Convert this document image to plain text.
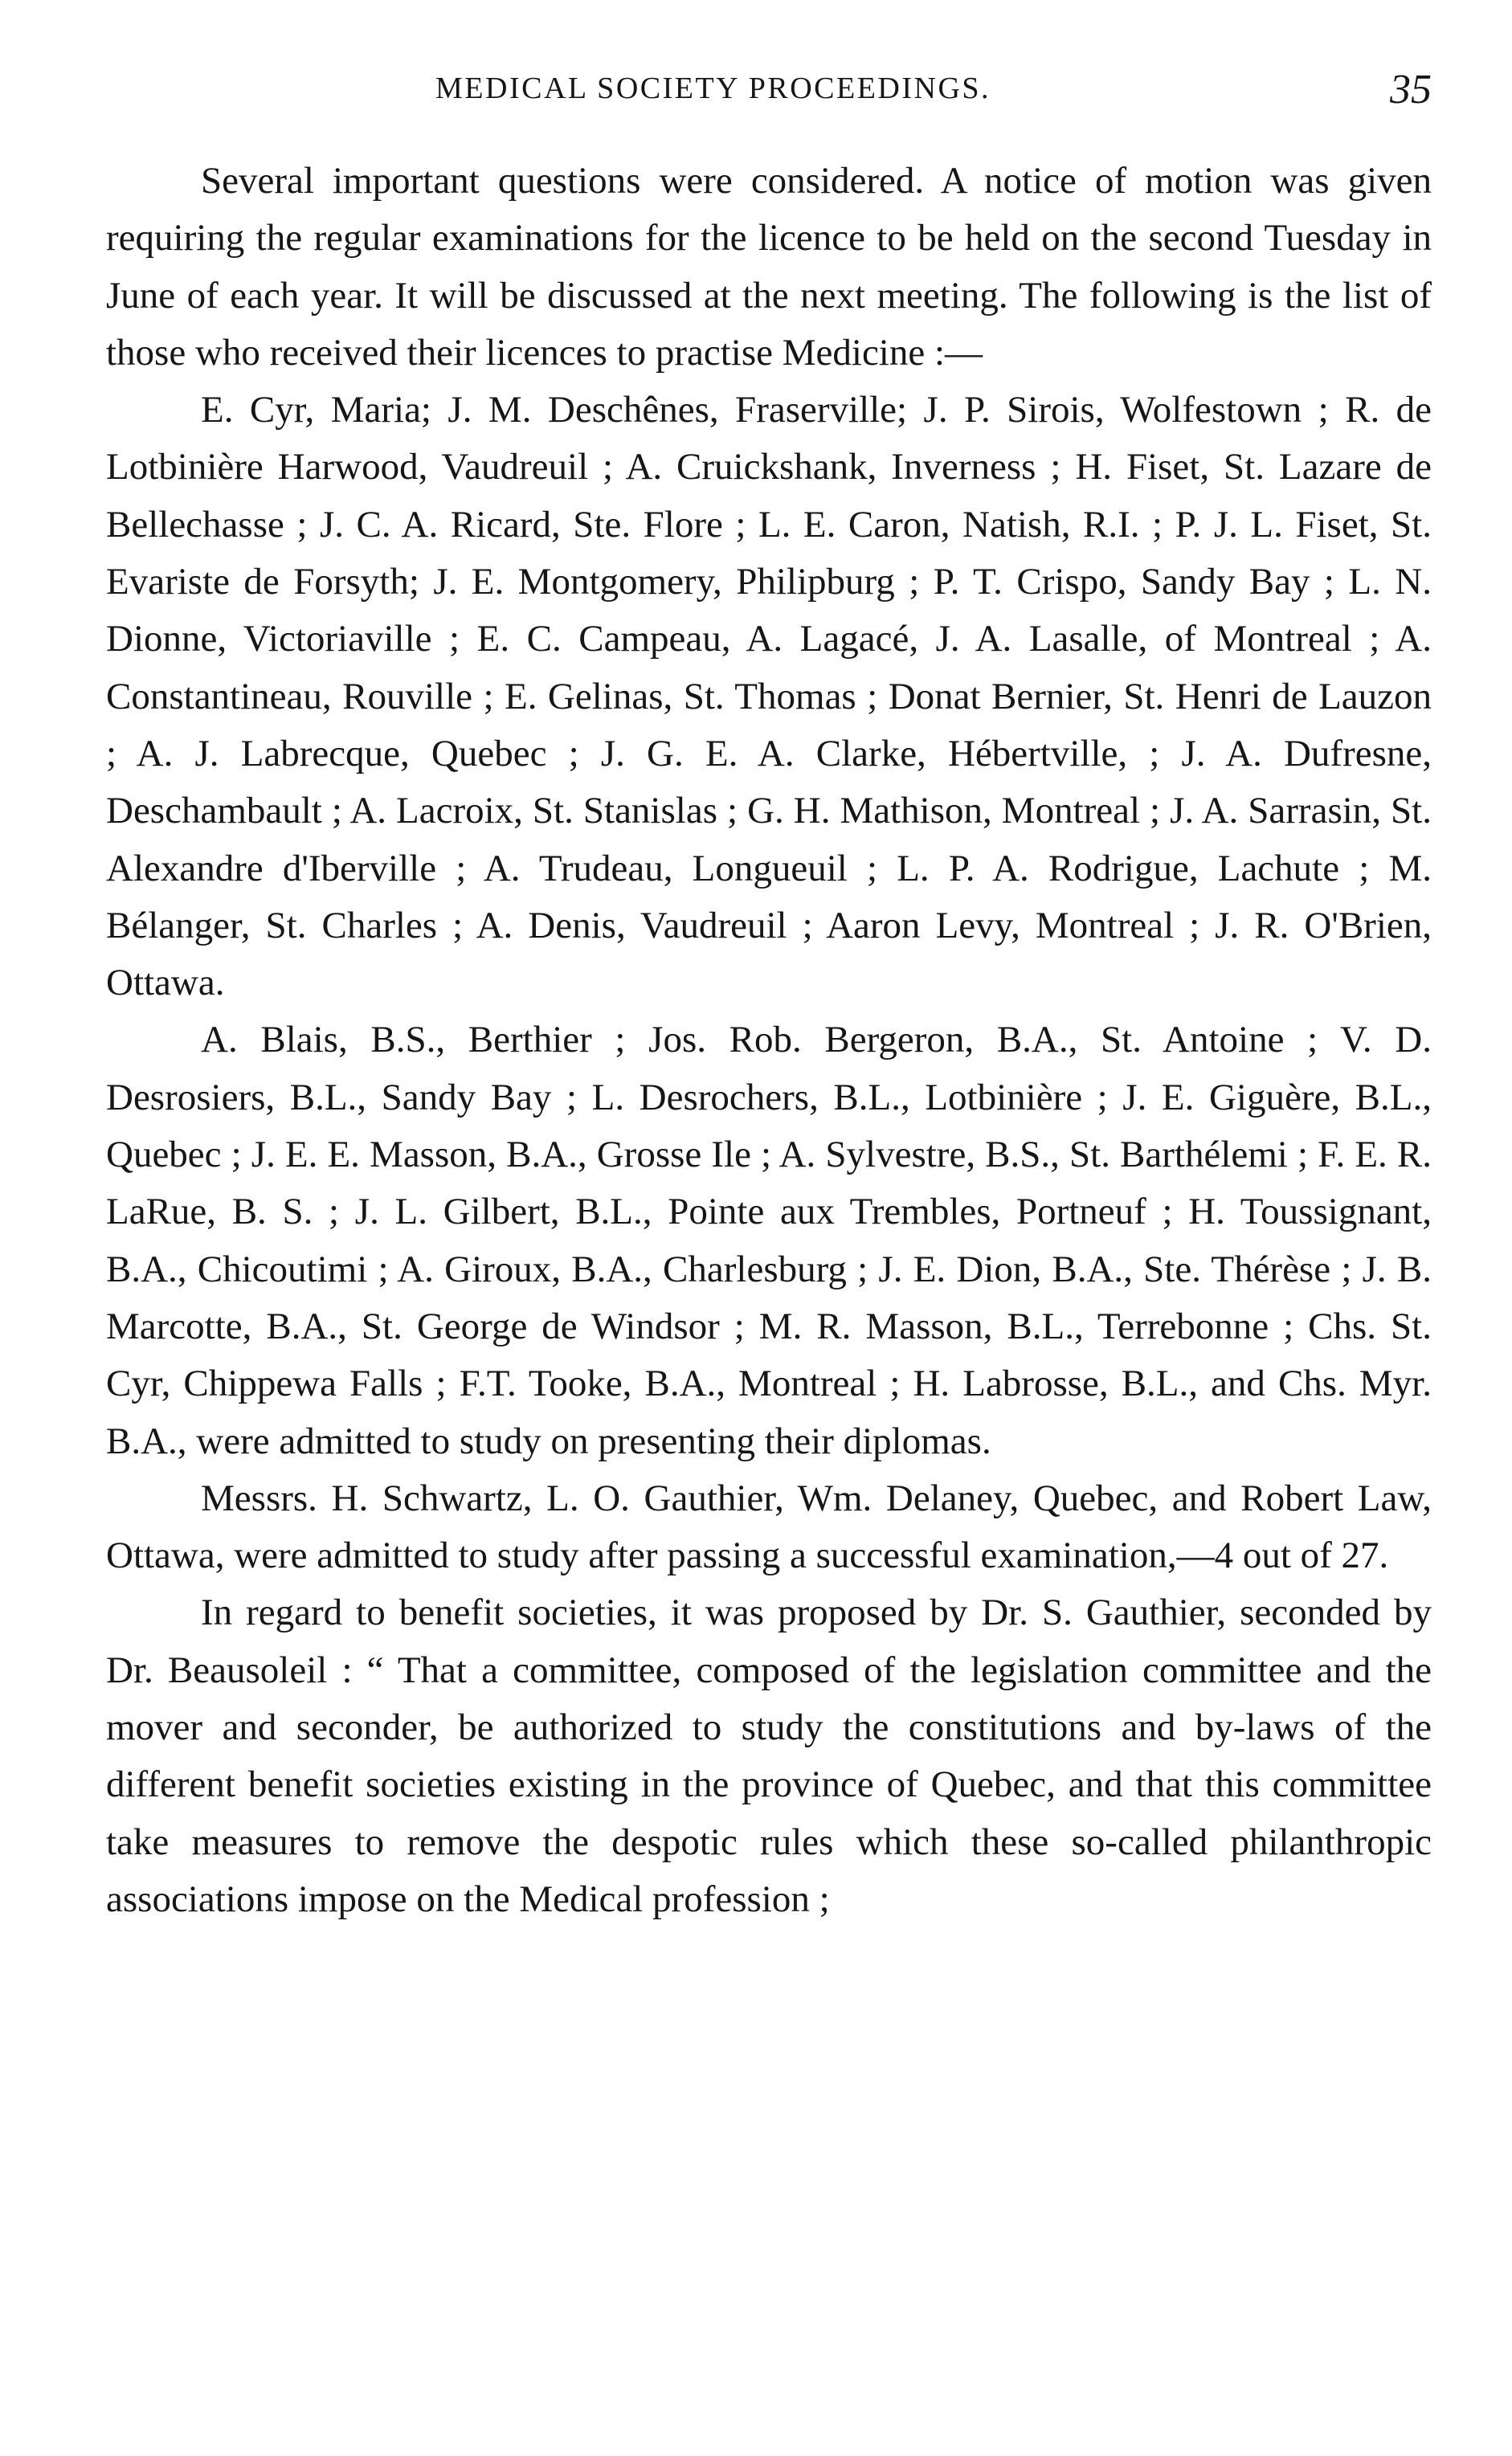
MEDICAL SOCIETY PROCEEDINGS.	35

Several important questions were considered. A notice of motion was given requiring the regular examinations for the licence to be held on the second Tuesday in June of each year. It will be discussed at the next meeting. The following is the list of those who received their licences to practise Medicine :—

E. Cyr, Maria; J. M. Deschênes, Fraserville; J. P. Sirois, Wolfestown ; R. de Lotbinière Harwood, Vaudreuil ; A. Cruickshank, Inverness ; H. Fiset, St. Lazare de Bellechasse ; J. C. A. Ricard, Ste. Flore ; L. E. Caron, Natish, R.I. ; P. J. L. Fiset, St. Evariste de Forsyth; J. E. Montgomery, Philipburg ; P. T. Crispo, Sandy Bay ; L. N. Dionne, Victoriaville ; E. C. Campeau, A. Lagacé, J. A. Lasalle, of Montreal ; A. Constantineau, Rouville ; E. Gelinas, St. Thomas ; Donat Bernier, St. Henri de Lauzon ; A. J. Labrecque, Quebec ; J. G. E. A. Clarke, Hébertville, ; J. A. Dufresne, Deschambault ; A. Lacroix, St. Stanislas ; G. H. Mathison, Montreal ; J. A. Sarrasin, St. Alexandre d'Iberville ; A. Trudeau, Longueuil ; L. P. A. Rodrigue, Lachute ; M. Bélanger, St. Charles ; A. Denis, Vaudreuil ; Aaron Levy, Montreal ; J. R. O'Brien, Ottawa.

A. Blais, B.S., Berthier ; Jos. Rob. Bergeron, B.A., St. Antoine ; V. D. Desrosiers, B.L., Sandy Bay ; L. Desrochers, B.L., Lotbinière ; J. E. Giguère, B.L., Quebec ; J. E. E. Masson, B.A., Grosse Ile ; A. Sylvestre, B.S., St. Barthélemi ; F. E. R. LaRue, B. S. ; J. L. Gilbert, B.L., Pointe aux Trembles, Portneuf ; H. Toussignant, B.A., Chicoutimi ; A. Giroux, B.A., Charlesburg ; J. E. Dion, B.A., Ste. Thérèse ; J. B. Marcotte, B.A., St. George de Windsor ; M. R. Masson, B.L., Terrebonne ; Chs. St. Cyr, Chippewa Falls ; F.T. Tooke, B.A., Montreal ; H. Labrosse, B.L., and Chs. Myr. B.A., were admitted to study on presenting their diplomas.

Messrs. H. Schwartz, L. O. Gauthier, Wm. Delaney, Quebec, and Robert Law, Ottawa, were admitted to study after passing a successful examination,—4 out of 27.

In regard to benefit societies, it was proposed by Dr. S. Gauthier, seconded by Dr. Beausoleil : “ That a committee, composed of the legislation committee and the mover and seconder, be authorized to study the constitutions and by-laws of the different benefit societies existing in the province of Quebec, and that this committee take measures to remove the despotic rules which these so-called philanthropic associations impose on the Medical profession ;
